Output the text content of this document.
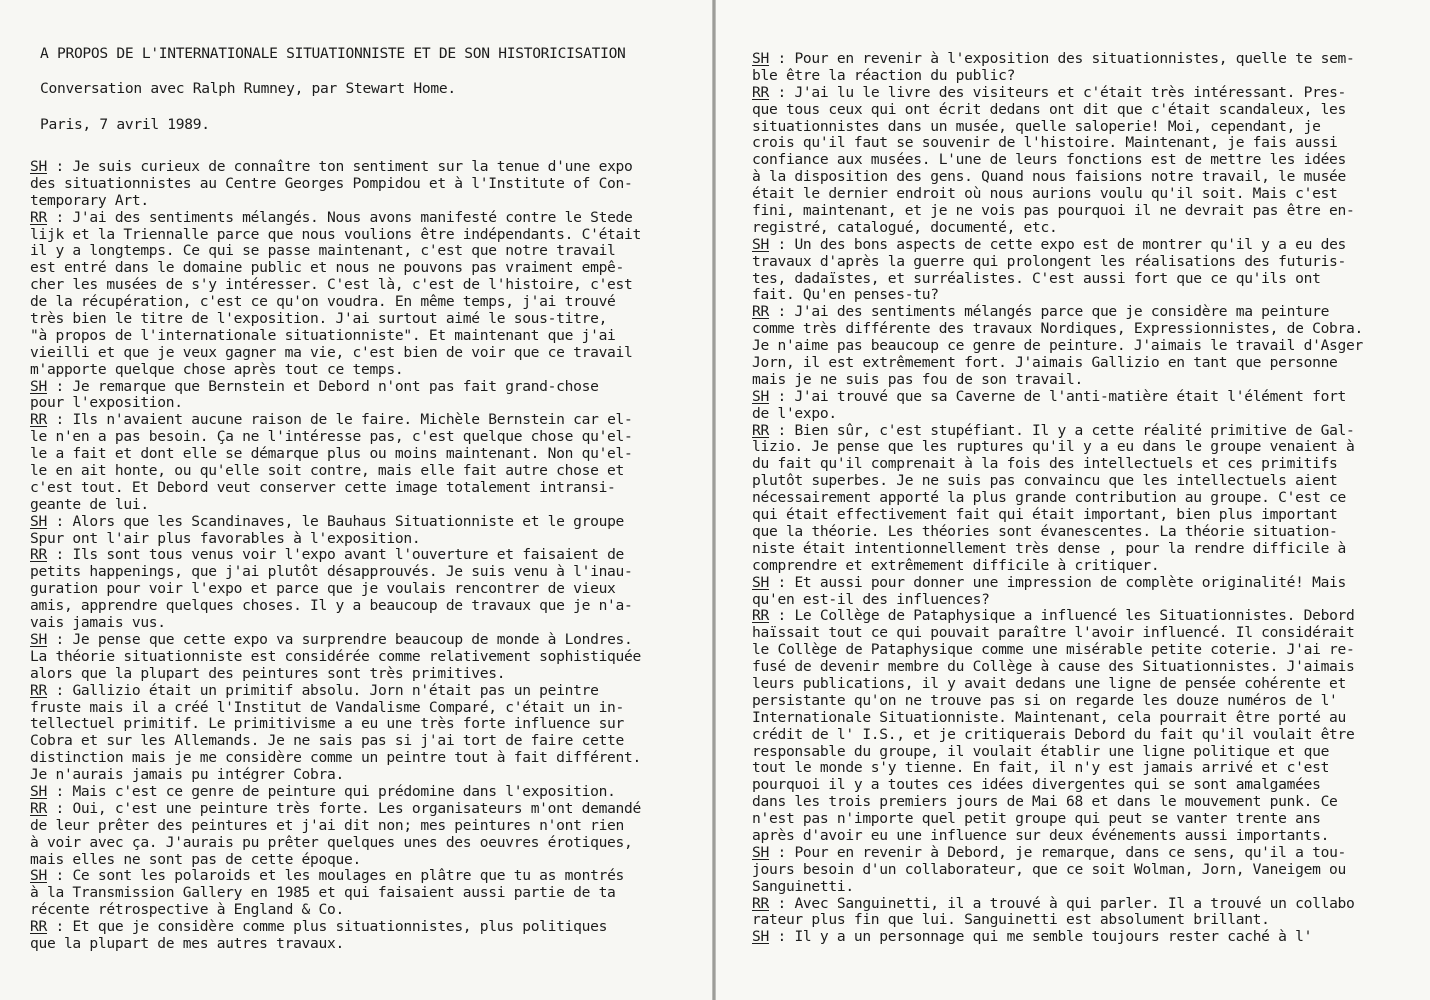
A PROPOS DE L'INTERNATIONALE SITUATIONNISTE ET DE SON HISTORICISATION
Conversation avec Ralph Rumney, par Stewart Home.
Paris, 7 avril 1989.
SH : Je suis curieux de connaître ton sentiment sur la tenue d'une expo
des situationnistes au Centre Georges Pompidou et à l'Institute of Con-
temporary Art.
RR : J'ai des sentiments mélangés. Nous avons manifesté contre le Stede
lijk et la Triennalle parce que nous voulions être indépendants. C'était
il y a longtemps. Ce qui se passe maintenant, c'est que notre travail
est entré dans le domaine public et nous ne pouvons pas vraiment empê-
cher les musées de s'y intéresser. C'est là, c'est de l'histoire, c'est
de la récupération, c'est ce qu'on voudra. En même temps, j'ai trouvé
très bien le titre de l'exposition. J'ai surtout aimé le sous-titre,
"à propos de l'internationale situationniste". Et maintenant que j'ai
vieilli et que je veux gagner ma vie, c'est bien de voir que ce travail
m'apporte quelque chose après tout ce temps.
SH : Je remarque que Bernstein et Debord n'ont pas fait grand-chose
pour l'exposition.
RR : Ils n'avaient aucune raison de le faire. Michèle Bernstein car el-
le n'en a pas besoin. Ça ne l'intéresse pas, c'est quelque chose qu'el-
le a fait et dont elle se démarque plus ou moins maintenant. Non qu'el-
le en ait honte, ou qu'elle soit contre, mais elle fait autre chose et
c'est tout. Et Debord veut conserver cette image totalement intransi-
geante de lui.
SH : Alors que les Scandinaves, le Bauhaus Situationniste et le groupe
Spur ont l'air plus favorables à l'exposition.
RR : Ils sont tous venus voir l'expo avant l'ouverture et faisaient de
petits happenings, que j'ai plutôt désapprouvés. Je suis venu à l'inau-
guration pour voir l'expo et parce que je voulais rencontrer de vieux
amis, apprendre quelques choses. Il y a beaucoup de travaux que je n'a-
vais jamais vus.
SH : Je pense que cette expo va surprendre beaucoup de monde à Londres.
La théorie situationniste est considérée comme relativement sophistiquée
alors que la plupart des peintures sont très primitives.
RR : Gallizio était un primitif absolu. Jorn n'était pas un peintre
fruste mais il a créé l'Institut de Vandalisme Comparé, c'était un in-
tellectuel primitif. Le primitivisme a eu une très forte influence sur
Cobra et sur les Allemands. Je ne sais pas si j'ai tort de faire cette
distinction mais je me considère comme un peintre tout à fait différent.
Je n'aurais jamais pu intégrer Cobra.
SH : Mais c'est ce genre de peinture qui prédomine dans l'exposition.
RR : Oui, c'est une peinture très forte. Les organisateurs m'ont demandé
de leur prêter des peintures et j'ai dit non; mes peintures n'ont rien
à voir avec ça. J'aurais pu prêter quelques unes des oeuvres érotiques,
mais elles ne sont pas de cette époque.
SH : Ce sont les polaroids et les moulages en plâtre que tu as montrés
à la Transmission Gallery en 1985 et qui faisaient aussi partie de ta
récente rétrospective à England & Co.
RR : Et que je considère comme plus situationnistes, plus politiques
que la plupart de mes autres travaux.
SH : Pour en revenir à l'exposition des situationnistes, quelle te sem-
ble être la réaction du public?
RR : J'ai lu le livre des visiteurs et c'était très intéressant. Pres-
que tous ceux qui ont écrit dedans ont dit que c'était scandaleux, les
situationnistes dans un musée, quelle saloperie! Moi, cependant, je
crois qu'il faut se souvenir de l'histoire. Maintenant, je fais aussi
confiance aux musées. L'une de leurs fonctions est de mettre les idées
à la disposition des gens. Quand nous faisions notre travail, le musée
était le dernier endroit où nous aurions voulu qu'il soit. Mais c'est
fini, maintenant, et je ne vois pas pourquoi il ne devrait pas être en-
registré, catalogué, documenté, etc.
SH : Un des bons aspects de cette expo est de montrer qu'il y a eu des
travaux d'après la guerre qui prolongent les réalisations des futuris-
tes, dadaïstes, et surréalistes. C'est aussi fort que ce qu'ils ont
fait. Qu'en penses-tu?
RR : J'ai des sentiments mélangés parce que je considère ma peinture
comme très différente des travaux Nordiques, Expressionnistes, de Cobra.
Je n'aime pas beaucoup ce genre de peinture. J'aimais le travail d'Asger
Jorn, il est extrêmement fort. J'aimais Gallizio en tant que personne
mais je ne suis pas fou de son travail.
SH : J'ai trouvé que sa Caverne de l'anti-matière était l'élément fort
de l'expo.
RR : Bien sûr, c'est stupéfiant. Il y a cette réalité primitive de Gal-
lizio. Je pense que les ruptures qu'il y a eu dans le groupe venaient à
du fait qu'il comprenait à la fois des intellectuels et ces primitifs
plutôt superbes. Je ne suis pas convaincu que les intellectuels aient
nécessairement apporté la plus grande contribution au groupe. C'est ce
qui était effectivement fait qui était important, bien plus important
que la théorie. Les théories sont évanescentes. La théorie situation-
niste était intentionnellement très dense , pour la rendre difficile à
comprendre et extrêmement difficile à critiquer.
SH : Et aussi pour donner une impression de complète originalité! Mais
qu'en est-il des influences?
RR : Le Collège de Pataphysique a influencé les Situationnistes. Debord
haïssait tout ce qui pouvait paraître l'avoir influencé. Il considérait
le Collège de Pataphysique comme une misérable petite coterie. J'ai re-
fusé de devenir membre du Collège à cause des Situationnistes. J'aimais
leurs publications, il y avait dedans une ligne de pensée cohérente et
persistante qu'on ne trouve pas si on regarde les douze numéros de l'
Internationale Situationniste. Maintenant, cela pourrait être porté au
crédit de l' I.S., et je critiquerais Debord du fait qu'il voulait être
responsable du groupe, il voulait établir une ligne politique et que
tout le monde s'y tienne. En fait, il n'y est jamais arrivé et c'est
pourquoi il y a toutes ces idées divergentes qui se sont amalgamées
dans les trois premiers jours de Mai 68 et dans le mouvement punk. Ce
n'est pas n'importe quel petit groupe qui peut se vanter trente ans
après d'avoir eu une influence sur deux événements aussi importants.
SH : Pour en revenir à Debord, je remarque, dans ce sens, qu'il a tou-
jours besoin d'un collaborateur, que ce soit Wolman, Jorn, Vaneigem ou
Sanguinetti.
RR : Avec Sanguinetti, il a trouvé à qui parler. Il a trouvé un collabo
rateur plus fin que lui. Sanguinetti est absolument brillant.
SH : Il y a un personnage qui me semble toujours rester caché à l'
